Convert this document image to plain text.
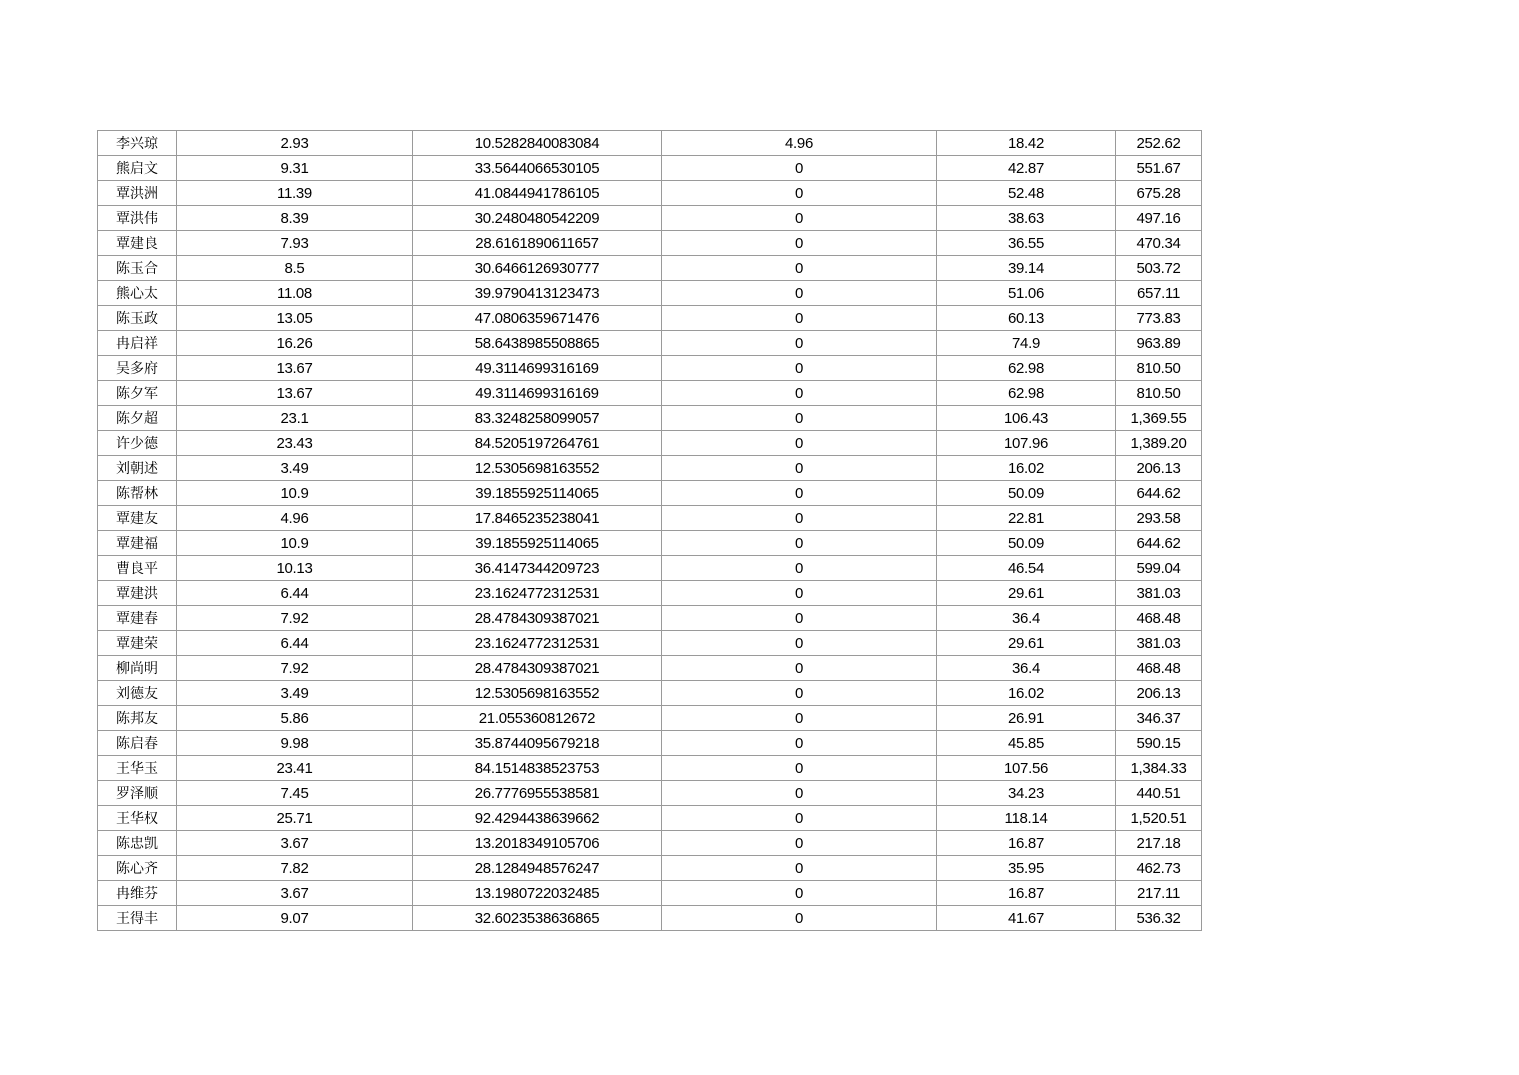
李兴琼	2.93	10.5282840083084	4.96	18.42	252.62
熊启文	9.31	33.5644066530105	0	42.87	551.67
覃洪洲	11.39	41.0844941786105	0	52.48	675.28
覃洪伟	8.39	30.2480480542209	0	38.63	497.16
覃建良	7.93	28.6161890611657	0	36.55	470.34
陈玉合	8.5	30.6466126930777	0	39.14	503.72
熊心太	11.08	39.9790413123473	0	51.06	657.11
陈玉政	13.05	47.0806359671476	0	60.13	773.83
冉启祥	16.26	58.6438985508865	0	74.9	963.89
吴多府	13.67	49.3114699316169	0	62.98	810.50
陈夕军	13.67	49.3114699316169	0	62.98	810.50
陈夕超	23.1	83.3248258099057	0	106.43	1,369.55
许少德	23.43	84.5205197264761	0	107.96	1,389.20
刘朝述	3.49	12.5305698163552	0	16.02	206.13
陈帮林	10.9	39.1855925114065	0	50.09	644.62
覃建友	4.96	17.8465235238041	0	22.81	293.58
覃建福	10.9	39.1855925114065	0	50.09	644.62
曹良平	10.13	36.4147344209723	0	46.54	599.04
覃建洪	6.44	23.1624772312531	0	29.61	381.03
覃建春	7.92	28.4784309387021	0	36.4	468.48
覃建荣	6.44	23.1624772312531	0	29.61	381.03
柳尚明	7.92	28.4784309387021	0	36.4	468.48
刘德友	3.49	12.5305698163552	0	16.02	206.13
陈邦友	5.86	21.055360812672	0	26.91	346.37
陈启春	9.98	35.8744095679218	0	45.85	590.15
王华玉	23.41	84.1514838523753	0	107.56	1,384.33
罗泽顺	7.45	26.7776955538581	0	34.23	440.51
王华权	25.71	92.4294438639662	0	118.14	1,520.51
陈忠凯	3.67	13.2018349105706	0	16.87	217.18
陈心齐	7.82	28.1284948576247	0	35.95	462.73
冉维芬	3.67	13.1980722032485	0	16.87	217.11
王得丰	9.07	32.6023538636865	0	41.67	536.32
